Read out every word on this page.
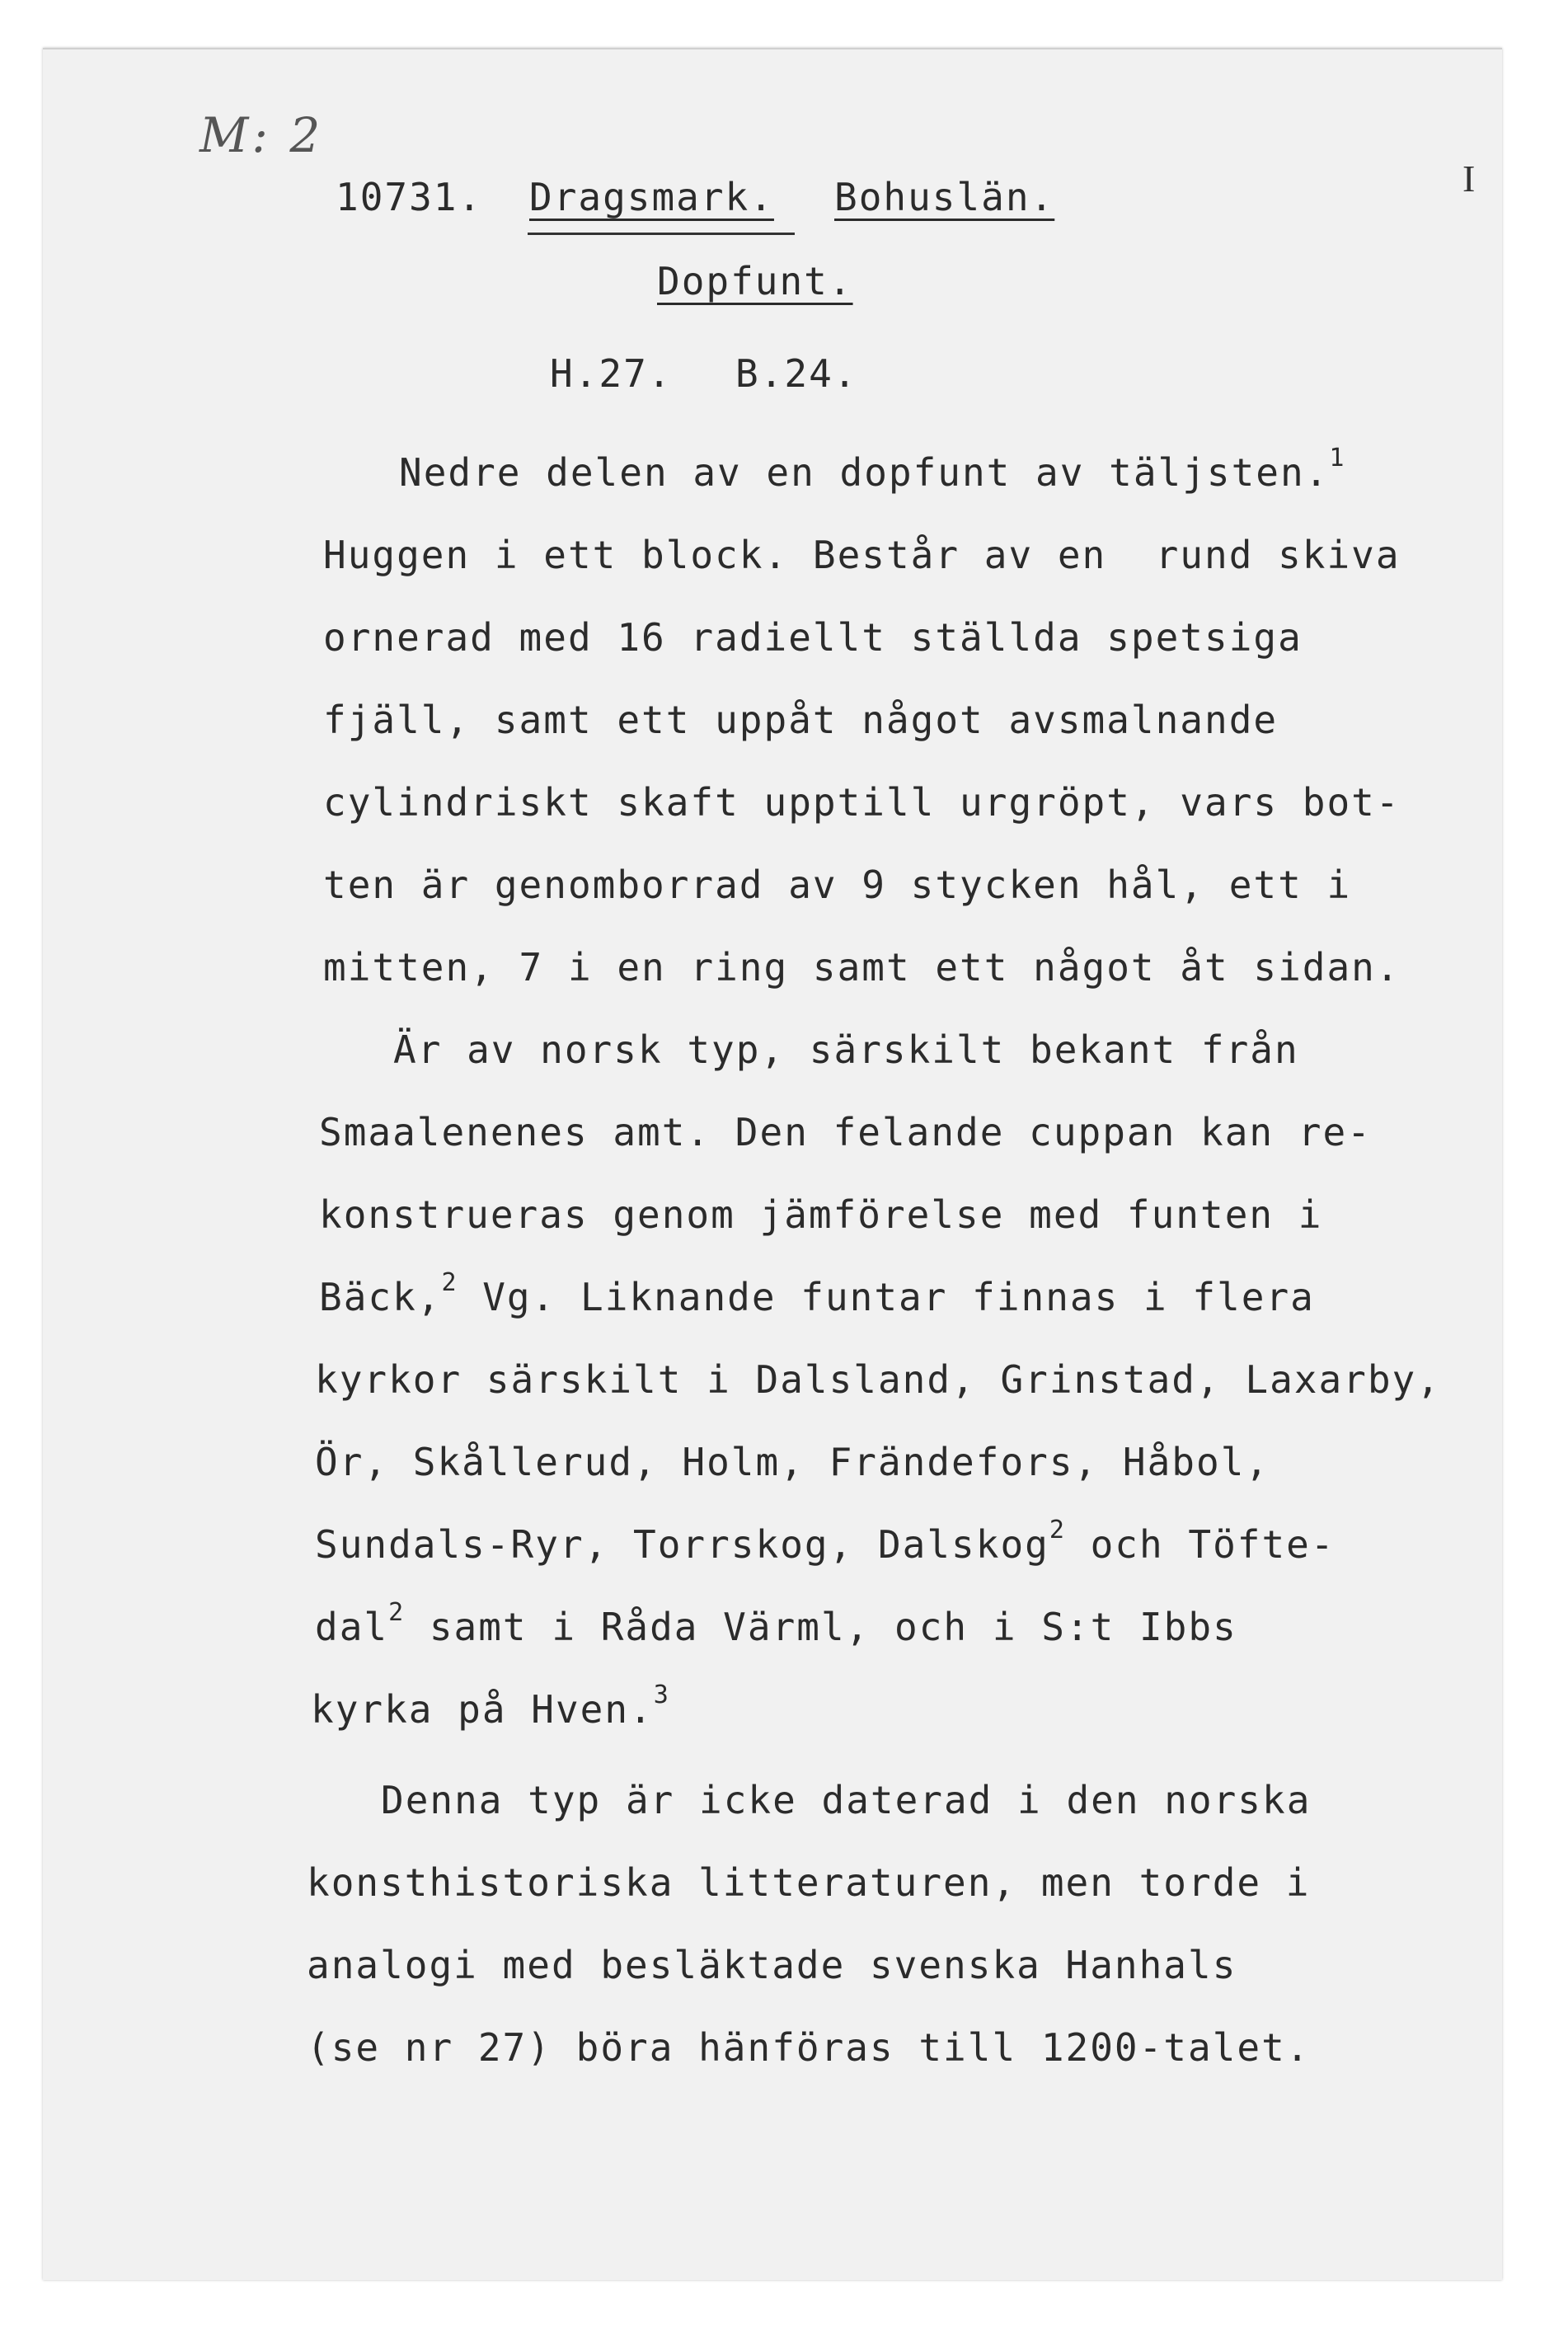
M: 2
I
10731. Dragsmark. Bohuslän.
Dopfunt.
H.27. B.24.
Nedre delen av en dopfunt av täljsten.$^1$
Huggen i ett block. Består av en  rund skiva
ornerad med 16 radiellt ställda spetsiga
fjäll, samt ett uppåt något avsmalnande
cylindriskt skaft upptill urgröpt, vars bot-
ten är genomborrad av 9 stycken hål, ett i
mitten, 7 i en ring samt ett något åt sidan.
Är av norsk typ, särskilt bekant från
Smaalenenes amt. Den felande cuppan kan re-
konstrueras genom jämförelse med funten i
Bäck,$^2$ Vg. Liknande funtar finnas i flera
kyrkor särskilt i Dalsland, Grinstad, Laxarby,
Ör, Skållerud, Holm, Frändefors, Håbol,
Sundals-Ryr, Torrskog, Dalskog$^2$ och Töfte-
dal$^2$ samt i Råda Värml, och i S:t Ibbs
kyrka på Hven.$^3$
Denna typ är icke daterad i den norska
konsthistoriska litteraturen, men torde i
analogi med besläktade svenska Hanhals
(se nr 27) böra hänföras till 1200-talet.
